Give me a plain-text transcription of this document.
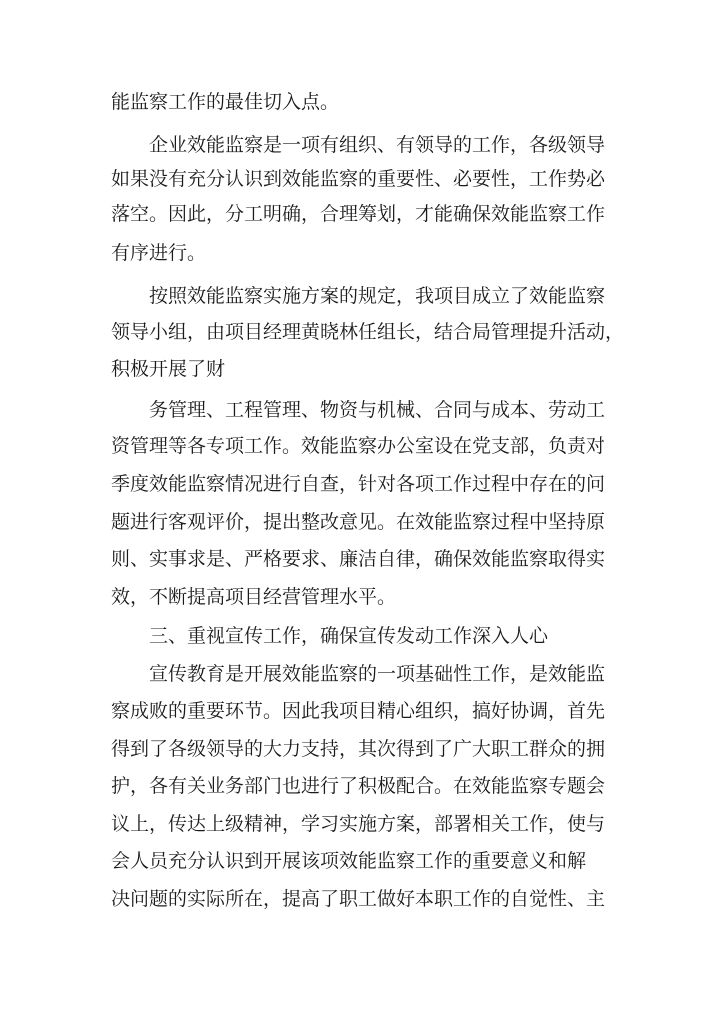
能监察工作的最佳切入点。
企业效能监察是一项有组织、有领导的工作，各级领导
如果没有充分认识到效能监察的重要性、必要性，工作势必
落空。因此，分工明确，合理筹划，才能确保效能监察工作
有序进行。
按照效能监察实施方案的规定，我项目成立了效能监察
领导小组，由项目经理黄晓林任组长，结合局管理提升活动，
积极开展了财
务管理、工程管理、物资与机械、合同与成本、劳动工
资管理等各专项工作。效能监察办公室设在党支部，负责对
季度效能监察情况进行自查，针对各项工作过程中存在的问
题进行客观评价，提出整改意见。在效能监察过程中坚持原
则、实事求是、严格要求、廉洁自律，确保效能监察取得实
效，不断提高项目经营管理水平。
三、重视宣传工作，确保宣传发动工作深入人心
宣传教育是开展效能监察的一项基础性工作，是效能监
察成败的重要环节。因此我项目精心组织，搞好协调，首先
得到了各级领导的大力支持，其次得到了广大职工群众的拥
护，各有关业务部门也进行了积极配合。在效能监察专题会
议上，传达上级精神，学习实施方案，部署相关工作，使与
会人员充分认识到开展该项效能监察工作的重要意义和解
决问题的实际所在，提高了职工做好本职工作的自觉性、主
